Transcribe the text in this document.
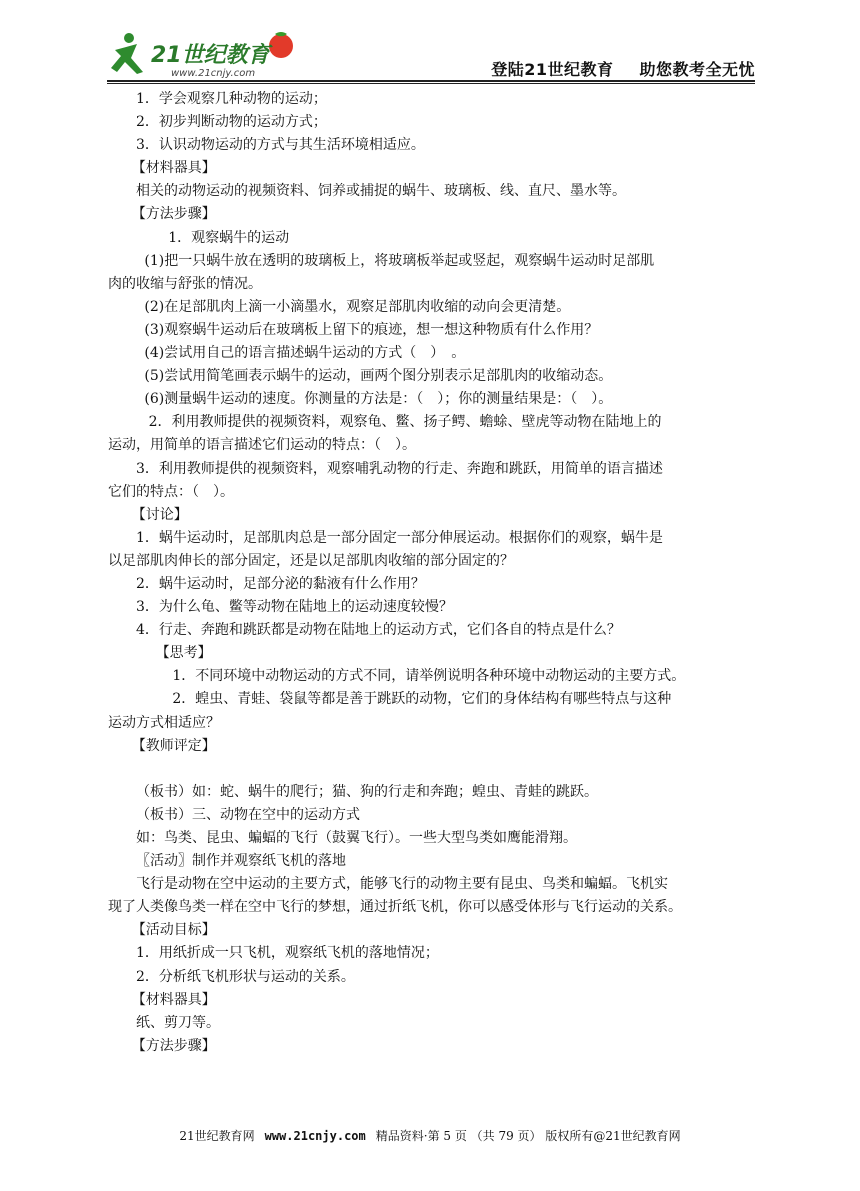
21世纪教育
www.21cnjy.com	登陆21世纪教育 助您教考全无忧
1．学会观察几种动物的运动；
2．初步判断动物的运动方式；
3．认识动物运动的方式与其生活环境相适应。
【材料器具】
相关的动物运动的视频资料、饲养或捕捉的蜗牛、玻璃板、线、直尺、墨水等。
【方法步骤】
1．观察蜗牛的运动
(1)把一只蜗牛放在透明的玻璃板上，将玻璃板举起或竖起，观察蜗牛运动时足部肌
肉的收缩与舒张的情况。
(2)在足部肌肉上滴一小滴墨水，观察足部肌肉收缩的动向会更清楚。
(3)观察蜗牛运动后在玻璃板上留下的痕迹，想一想这种物质有什么作用？
(4)尝试用自己的语言描述蜗牛运动的方式（　）　。
(5)尝试用简笔画表示蜗牛的运动，画两个图分别表示足部肌肉的收缩动态。
(6)测量蜗牛运动的速度。你测量的方法是：（　）；你的测量结果是：（　）。
2．利用教师提供的视频资料，观察龟、鳖、扬子鳄、蟾蜍、壁虎等动物在陆地上的
运动，用简单的语言描述它们运动的特点：（　）。
3．利用教师提供的视频资料，观察哺乳动物的行走、奔跑和跳跃，用简单的语言描述
它们的特点：（　）。
【讨论】
1．蜗牛运动时，足部肌肉总是一部分固定一部分伸展运动。根据你们的观察，蜗牛是
以足部肌肉伸长的部分固定，还是以足部肌肉收缩的部分固定的？
2．蜗牛运动时，足部分泌的黏液有什么作用？
3．为什么龟、鳖等动物在陆地上的运动速度较慢？
4．行走、奔跑和跳跃都是动物在陆地上的运动方式，它们各自的特点是什么？
【思考】
1．不同环境中动物运动的方式不同，请举例说明各种环境中动物运动的主要方式。
2．蝗虫、青蛙、袋鼠等都是善于跳跃的动物，它们的身体结构有哪些特点与这种
运动方式相适应？
【教师评定】
（板书）如：蛇、蜗牛的爬行；猫、狗的行走和奔跑；蝗虫、青蛙的跳跃。
（板书）三、动物在空中的运动方式
如：鸟类、昆虫、蝙蝠的飞行（鼓翼飞行）。一些大型鸟类如鹰能滑翔。
〖活动〗制作并观察纸飞机的落地
飞行是动物在空中运动的主要方式，能够飞行的动物主要有昆虫、鸟类和蝙蝠。飞机实
现了人类像鸟类一样在空中飞行的梦想，通过折纸飞机，你可以感受体形与飞行运动的关系。
【活动目标】
1．用纸折成一只飞机，观察纸飞机的落地情况；
2．分析纸飞机形状与运动的关系。
【材料器具】
纸、剪刀等。
【方法步骤】
21世纪教育网 www.21cnjy.com 精品资料·第 5 页 （共 79 页） 版权所有@21世纪教育网
